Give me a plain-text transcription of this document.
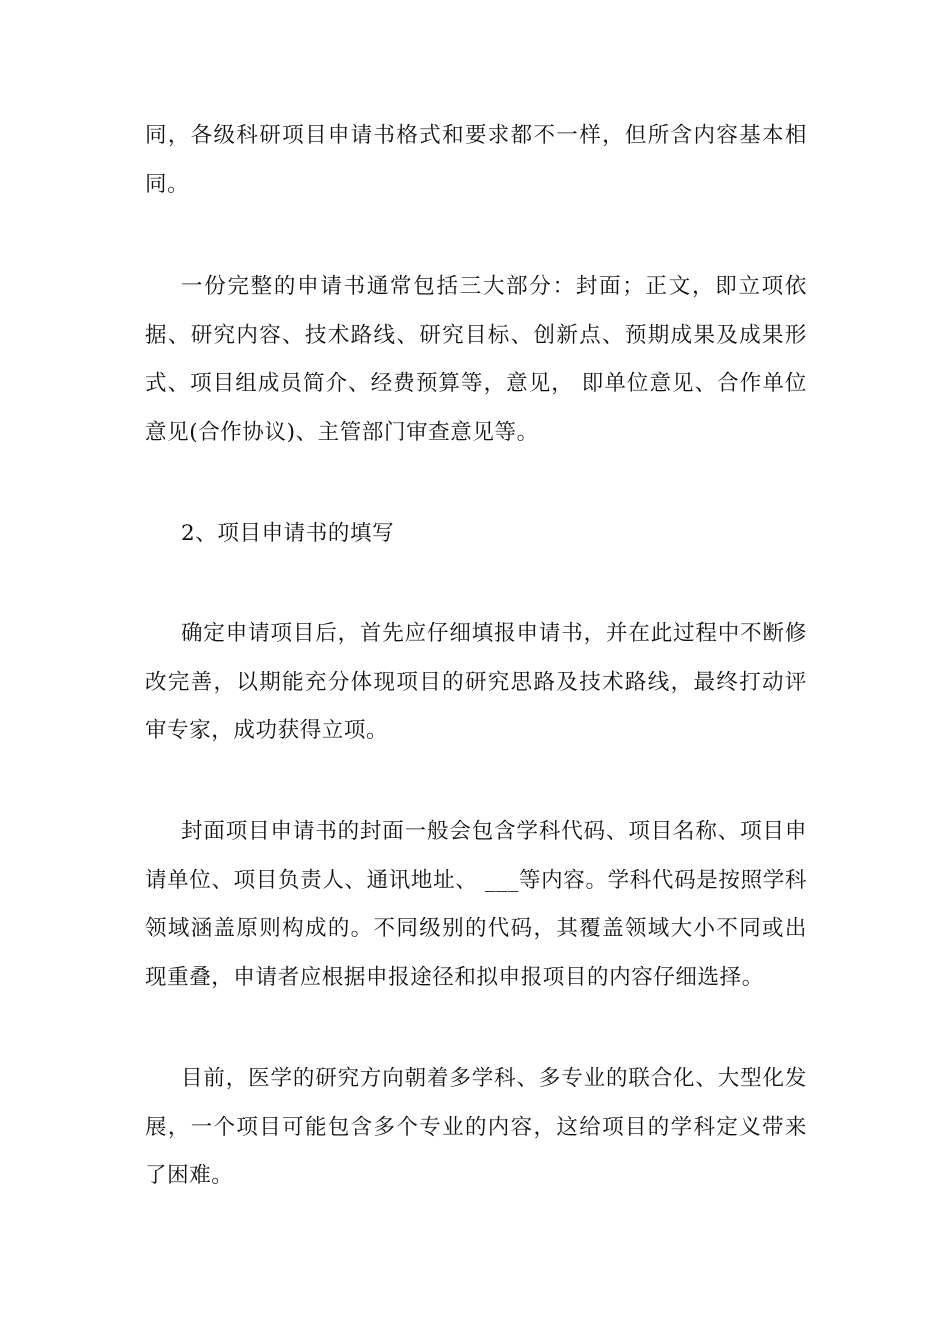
同，各级科研项目申请书格式和要求都不一样，但所含内容基本相同。

一份完整的申请书通常包括三大部分：封面；正文，即立项依据、研究内容、技术路线、研究目标、创新点、预期成果及成果形式、项目组成员简介、经费预算等，意见， 即单位意见、合作单位意见(合作协议)、主管部门审查意见等。

2、项目申请书的填写

确定申请项目后，首先应仔细填报申请书，并在此过程中不断修改完善，以期能充分体现项目的研究思路及技术路线，最终打动评审专家，成功获得立项。

封面项目申请书的封面一般会包含学科代码、项目名称、项目申请单位、项目负责人、通讯地址、 ___等内容。学科代码是按照学科领域涵盖原则构成的。不同级别的代码，其覆盖领域大小不同或出现重叠，申请者应根据申报途径和拟申报项目的内容仔细选择。

目前，医学的研究方向朝着多学科、多专业的联合化、大型化发展，一个项目可能包含多个专业的内容，这给项目的学科定义带来了困难。
